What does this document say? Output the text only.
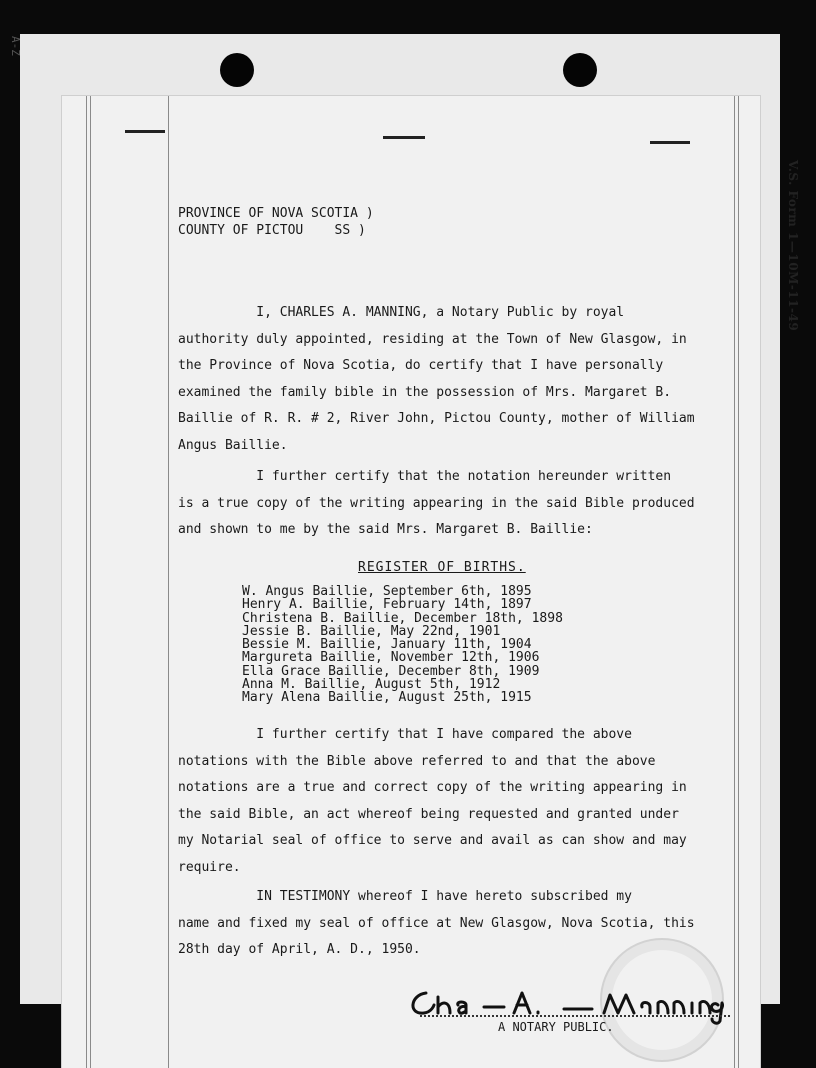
A-Z
V.S. Form 1—10M-11-49
PROVINCE OF NOVA SCOTIA )
COUNTY OF PICTOU    SS )
I, CHARLES A. MANNING, a Notary Public by royal
authority duly appointed, residing at the Town of New Glasgow, in
the Province of Nova Scotia, do certify that I have personally
examined the family bible in the possession of Mrs. Margaret B.
Baillie of R. R. # 2, River John, Pictou County, mother of William
Angus Baillie.
I further certify that the notation hereunder written
is a true copy of the writing appearing in the said Bible produced
and shown to me by the said Mrs. Margaret B. Baillie:
REGISTER OF BIRTHS.
W. Angus Baillie, September 6th, 1895
Henry A. Baillie, February 14th, 1897
Christena B. Baillie, December 18th, 1898
Jessie B. Baillie, May 22nd, 1901
Bessie M. Baillie, January 11th, 1904
Margureta Baillie, November 12th, 1906
Ella Grace Baillie, December 8th, 1909
Anna M. Baillie, August 5th, 1912
Mary Alena Baillie, August 25th, 1915
I further certify that I have compared the above
notations with the Bible above referred to and that the above
notations are a true and correct copy of the writing appearing in
the said Bible, an act whereof being requested and granted under
my Notarial seal of office to serve and avail as can show and may
require.
IN TESTIMONY whereof I have hereto subscribed my
name and fixed my seal of office at New Glasgow, Nova Scotia, this
28th day of April, A. D., 1950.
A NOTARY PUBLIC.
